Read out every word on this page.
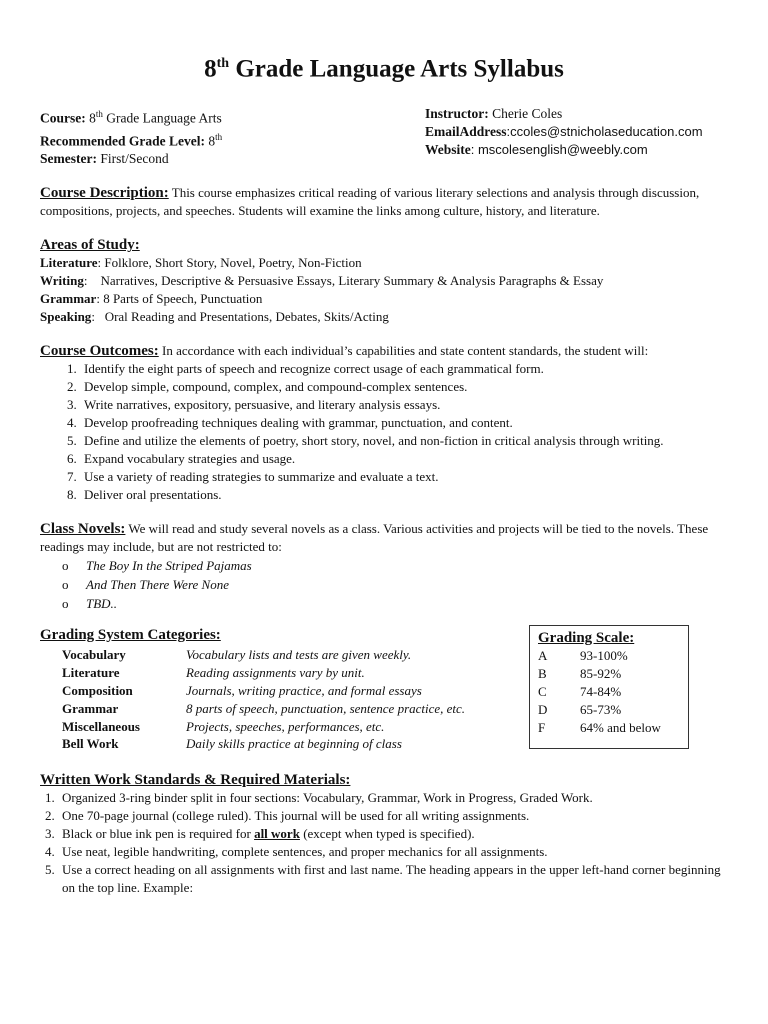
8th Grade Language Arts Syllabus
Course: 8th Grade Language Arts
Recommended Grade Level: 8th
Semester: First/Second
Instructor: Cherie Coles
EmailAddress:ccoles@stnicholaseducation.com
Website: mscolesenglish@weebly.com
Course Description: This course emphasizes critical reading of various literary selections and analysis through discussion, compositions, projects, and speeches. Students will examine the links among culture, history, and literature.
Areas of Study:
Literature : Folklore, Short Story, Novel, Poetry, Non-Fiction
Writing : Narratives, Descriptive & Persuasive Essays, Literary Summary & Analysis Paragraphs & Essay
Grammar : 8 Parts of Speech, Punctuation
Speaking : Oral Reading and Presentations, Debates, Skits/Acting
Course Outcomes: In accordance with each individual’s capabilities and state content standards, the student will:
1. Identify the eight parts of speech and recognize correct usage of each grammatical form.
2. Develop simple, compound, complex, and compound-complex sentences.
3. Write narratives, expository, persuasive, and literary analysis essays.
4. Develop proofreading techniques dealing with grammar, punctuation, and content.
5. Define and utilize the elements of poetry, short story, novel, and non-fiction in critical analysis through writing.
6. Expand vocabulary strategies and usage.
7. Use a variety of reading strategies to summarize and evaluate a text.
8. Deliver oral presentations.
Class Novels: We will read and study several novels as a class. Various activities and projects will be tied to the novels. These readings may include, but are not restricted to:
o	The Boy In the Striped Pajamas
o	And Then There Were None
o	TBD..
Grading System Categories:
Vocabulary	Vocabulary lists and tests are given weekly.
Literature	Reading assignments vary by unit.
Composition	Journals, writing practice, and formal essays
Grammar	8 parts of speech, punctuation, sentence practice, etc.
Miscellaneous	Projects, speeches, performances, etc.
Bell Work	Daily skills practice at beginning of class
Grading Scale:
A	93-100%
B	85-92%
C	74-84%
D	65-73%
F	64% and below
Written Work Standards & Required Materials:
1. Organized 3-ring binder split in four sections: Vocabulary, Grammar, Work in Progress, Graded Work.
2. One 70-page journal (college ruled). This journal will be used for all writing assignments.
3. Black or blue ink pen is required for all work (except when typed is specified).
4. Use neat, legible handwriting, complete sentences, and proper mechanics for all assignments.
5. Use a correct heading on all assignments with first and last name. The heading appears in the upper left-hand corner beginning on the top line. Example:
